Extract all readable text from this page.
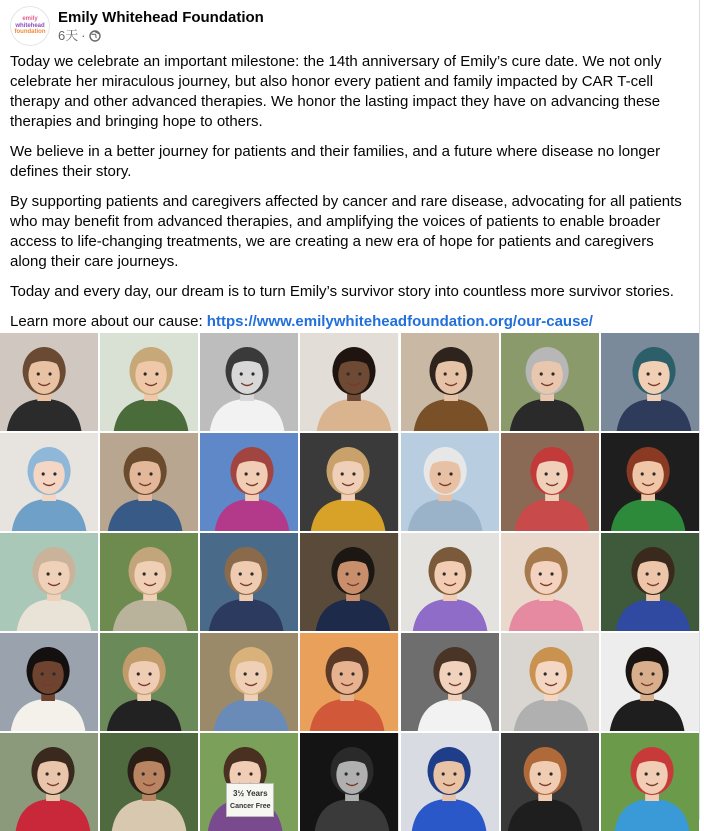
emily
whitehead
foundation
Emily Whitehead Foundation
6天 ·

Today we celebrate an important milestone: the 14th anniversary of Emily’s cure date. We not only celebrate her miraculous journey, but also honor every patient and family impacted by CAR T-cell therapy and other advanced therapies. We honor the lasting impact they have on advancing these therapies and bringing hope to others.

We believe in a better journey for patients and their families, and a future where disease no longer defines their story.

By supporting patients and caregivers affected by cancer and rare disease, advocating for all patients who may benefit from advanced therapies, and amplifying the voices of patients to enable broader access to life-changing treatments, we are creating a new era of hope for patients and caregivers along their care journeys.

Today and every day, our dream is to turn Emily’s survivor story into countless more survivor stories.

Learn more about our cause: https://www.emilywhiteheadfoundation.org/our-cause/

3½ Years
Cancer Free
